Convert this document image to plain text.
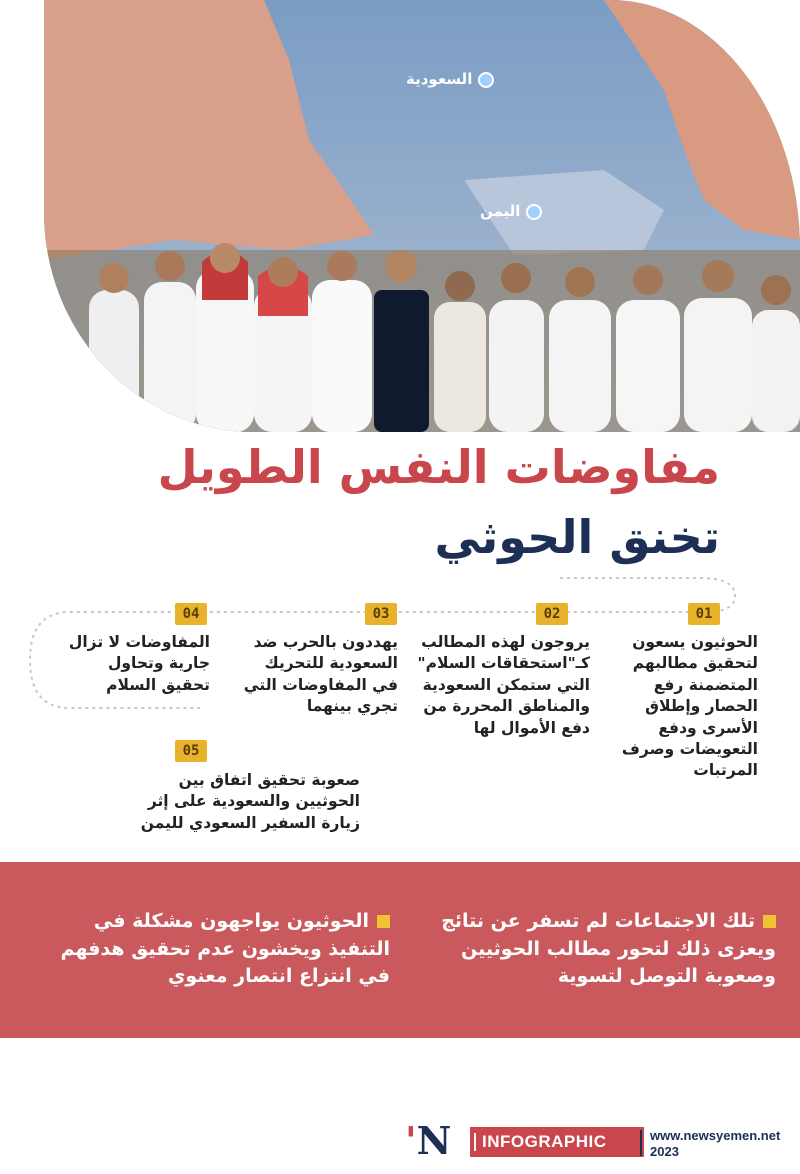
السعودية
اليمن
مفاوضات النفس الطويل
تخنق الحوثي
01
02
03
04
05
الحوثيون يسعون لتحقيق مطالبهم المتضمنة رفع الحصار وإطلاق الأسرى ودفع التعويضات وصرف المرتبات
يروجون لهذه المطالب كـ"استحقاقات السلام" التي ستمكن السعودية والمناطق المحررة من دفع الأموال لها
يهددون بالحرب ضد السعودية للتحريك في المفاوضات التي تجري بينهما
المفاوضات لا تزال جارية وتحاول تحقيق السلام
صعوبة تحقيق اتفاق بين الحوثيين والسعودية على إثر زيارة السفير السعودي لليمن
تلك الاجتماعات لم تسفر عن نتائج ويعزى ذلك لتحور مطالب الحوثيين وصعوبة التوصل لتسوية
الحوثيون يواجهون مشكلة في التنفيذ ويخشون عدم تحقيق هدفهم في انتزاع انتصار معنوي
'N	INFOGRAPHIC	www.newsyemen.net
2023
